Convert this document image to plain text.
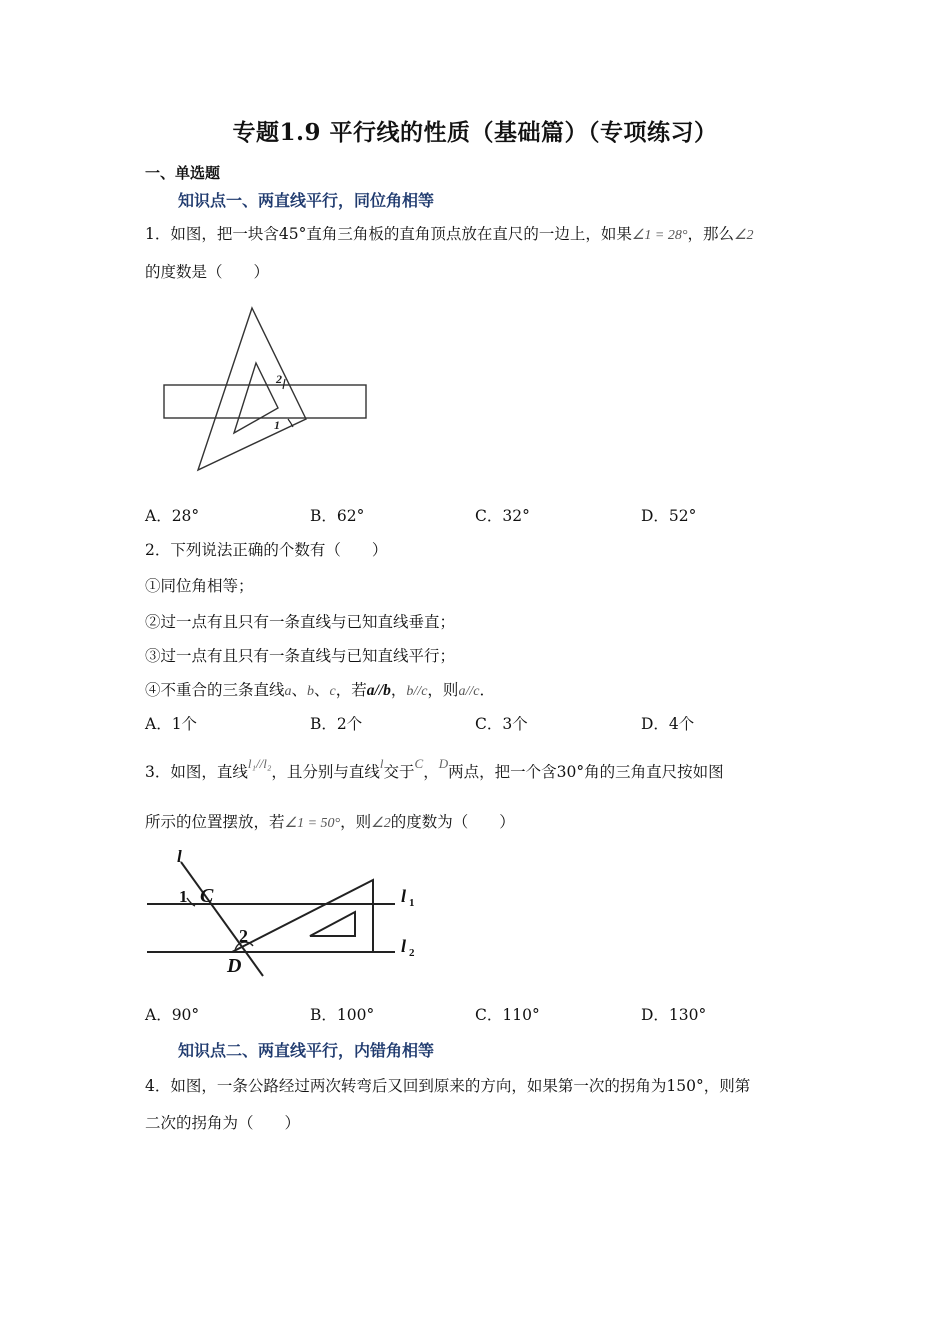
专题1.9 平行线的性质（基础篇）（专项练习）
一、单选题
知识点一、两直线平行，同位角相等
1．如图，把一块含45°直角三角板的直角顶点放在直尺的一边上，如果∠1 = 28°，那么∠2
的度数是（　　）
2
1
A．28°	B．62°	C．32°	D．52°
2．下列说法正确的个数有（　　）
①同位角相等；
②过一点有且只有一条直线与已知直线垂直；
③过一点有且只有一条直线与已知直线平行；
④不重合的三条直线a、b、c，若a//b，b//c，则a//c．
A．1个	B．2个	C．3个	D．4个
3．如图，直线$^{l_1//l_2}$，且分别与直线$^l$交于$^C$，$^D$两点，把一个含30°角的三角直尺按如图
所示的位置摆放，若∠1 = 50°，则∠2的度数为（　　）
l
1 C
2
D
l 1
l 2
A．90°	B．100°	C．110°	D．130°
知识点二、两直线平行，内错角相等
4．如图，一条公路经过两次转弯后又回到原来的方向，如果第一次的拐角为150°，则第
二次的拐角为（　　）
